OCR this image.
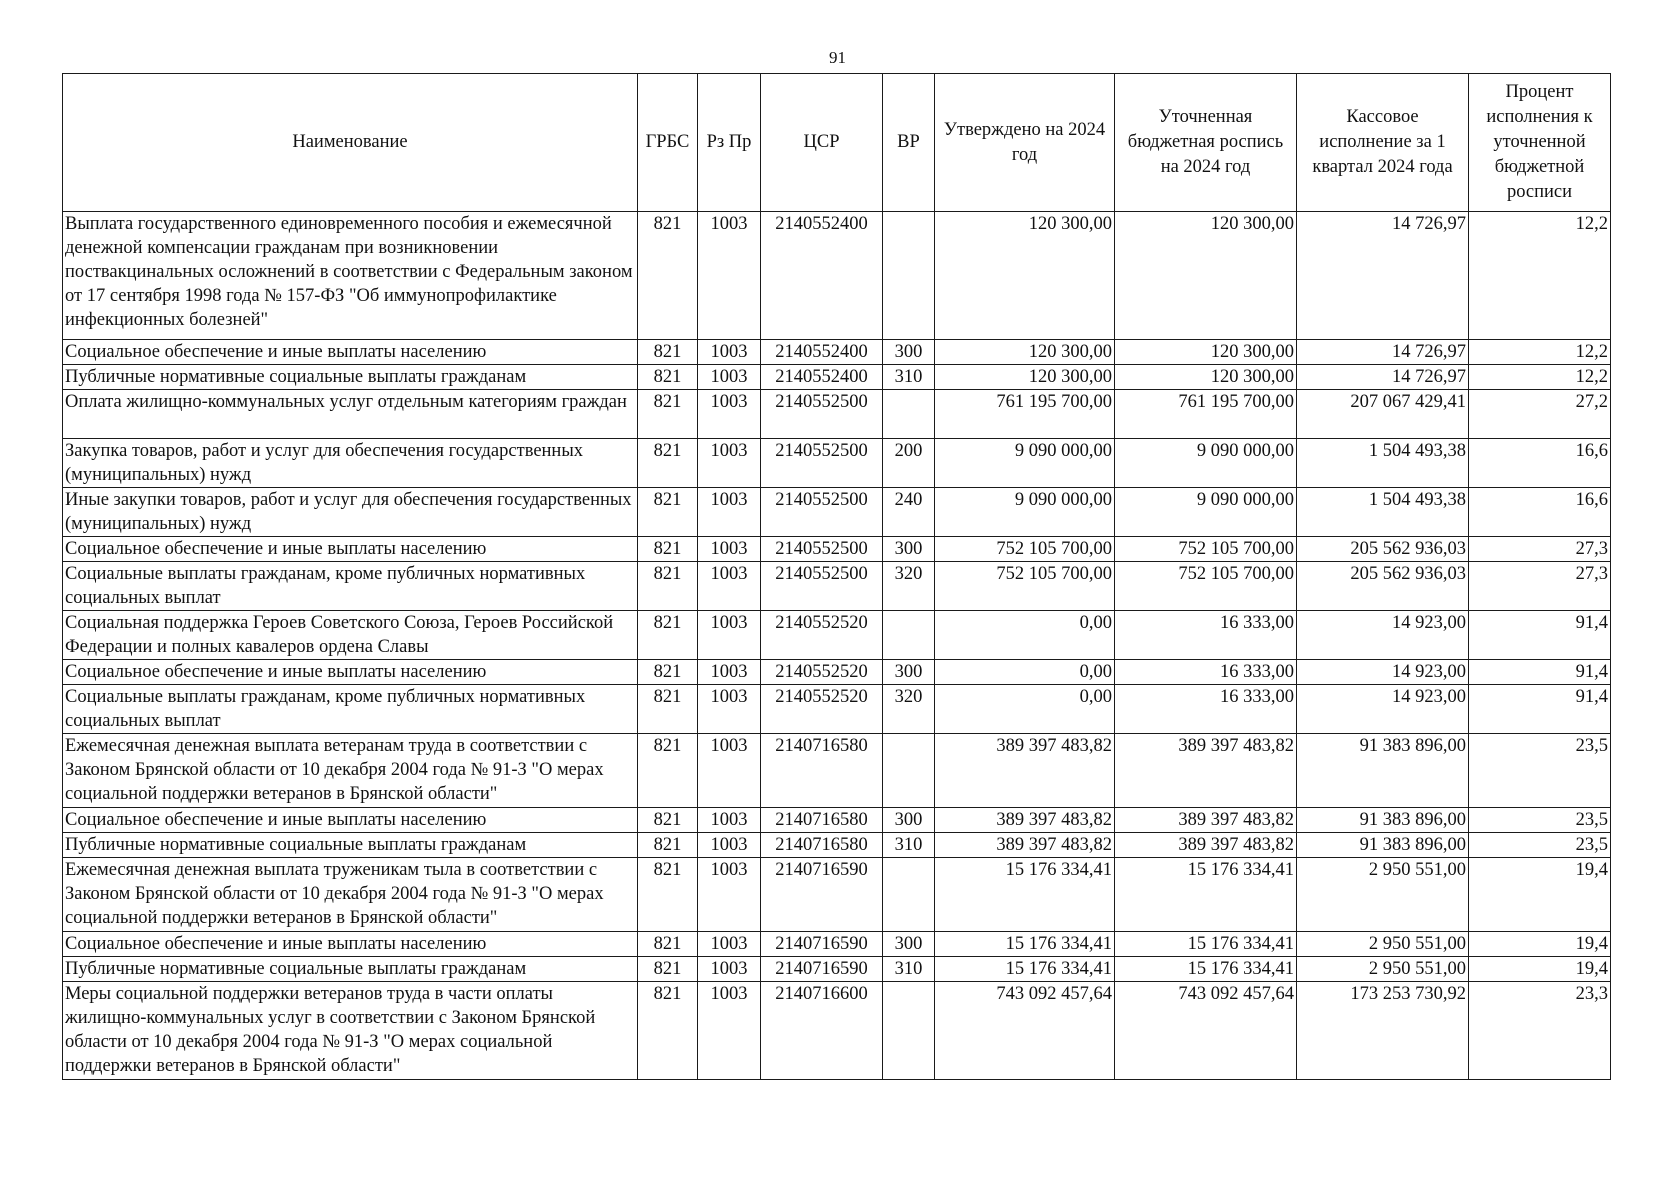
91
Наименование	ГРБС	Рз Пр	ЦСР	ВР	Утверждено на 2024 год	Уточненная бюджетная роспись на 2024 год	Кассовое исполнение за 1 квартал 2024 года	Процент исполнения к уточненной бюджетной росписи
Выплата государственного единовременного пособия и ежемесячной денежной компенсации гражданам при возникновении поствакцинальных осложнений в соответствии с Федеральным законом от 17 сентября 1998 года № 157-ФЗ "Об иммунопрофилактике инфекционных болезней"	821	1003	2140552400		120 300,00	120 300,00	14 726,97	12,2
Социальное обеспечение и иные выплаты населению	821	1003	2140552400	300	120 300,00	120 300,00	14 726,97	12,2
Публичные нормативные социальные выплаты гражданам	821	1003	2140552400	310	120 300,00	120 300,00	14 726,97	12,2
Оплата жилищно-коммунальных услуг отдельным категориям граждан	821	1003	2140552500		761 195 700,00	761 195 700,00	207 067 429,41	27,2
Закупка товаров, работ и услуг для обеспечения государственных (муниципальных) нужд	821	1003	2140552500	200	9 090 000,00	9 090 000,00	1 504 493,38	16,6
Иные закупки товаров, работ и услуг для обеспечения государственных (муниципальных) нужд	821	1003	2140552500	240	9 090 000,00	9 090 000,00	1 504 493,38	16,6
Социальное обеспечение и иные выплаты населению	821	1003	2140552500	300	752 105 700,00	752 105 700,00	205 562 936,03	27,3
Социальные выплаты гражданам, кроме публичных нормативных социальных выплат	821	1003	2140552500	320	752 105 700,00	752 105 700,00	205 562 936,03	27,3
Социальная поддержка Героев Советского Союза, Героев Российской Федерации и полных кавалеров ордена Славы	821	1003	2140552520		0,00	16 333,00	14 923,00	91,4
Социальное обеспечение и иные выплаты населению	821	1003	2140552520	300	0,00	16 333,00	14 923,00	91,4
Социальные выплаты гражданам, кроме публичных нормативных социальных выплат	821	1003	2140552520	320	0,00	16 333,00	14 923,00	91,4
Ежемесячная денежная выплата ветеранам труда в соответствии с Законом Брянской области от 10 декабря 2004 года № 91-З "О мерах социальной поддержки ветеранов в Брянской области"	821	1003	2140716580		389 397 483,82	389 397 483,82	91 383 896,00	23,5
Социальное обеспечение и иные выплаты населению	821	1003	2140716580	300	389 397 483,82	389 397 483,82	91 383 896,00	23,5
Публичные нормативные социальные выплаты гражданам	821	1003	2140716580	310	389 397 483,82	389 397 483,82	91 383 896,00	23,5
Ежемесячная денежная выплата труженикам тыла в соответствии с Законом Брянской области от 10 декабря 2004 года № 91-З "О мерах социальной поддержки ветеранов в Брянской области"	821	1003	2140716590		15 176 334,41	15 176 334,41	2 950 551,00	19,4
Социальное обеспечение и иные выплаты населению	821	1003	2140716590	300	15 176 334,41	15 176 334,41	2 950 551,00	19,4
Публичные нормативные социальные выплаты гражданам	821	1003	2140716590	310	15 176 334,41	15 176 334,41	2 950 551,00	19,4
Меры социальной поддержки ветеранов труда в части оплаты жилищно-коммунальных услуг в соответствии с Законом Брянской области от 10 декабря 2004 года № 91-З "О мерах социальной поддержки ветеранов в Брянской области"	821	1003	2140716600		743 092 457,64	743 092 457,64	173 253 730,92	23,3
